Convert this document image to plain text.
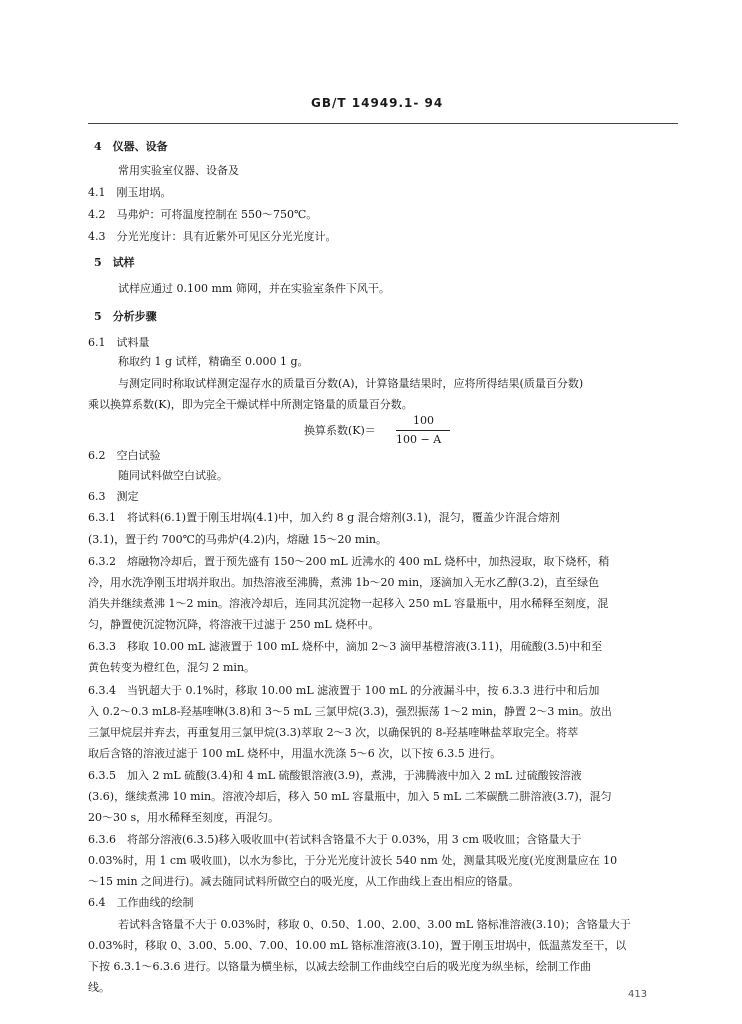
GB/T 14949.1- 94
4　仪器、设备
常用实验室仪器、设备及
4.1　刚玉坩埚。
4.2　马弗炉：可将温度控制在 550～750℃。
4.3　分光光度计：具有近紫外可见区分光光度计。
5　试样
试样应通过 0.100 mm 筛网，并在实验室条件下风干。
5　分析步骤
6.1　试料量
称取约 1 g 试样，精确至 0.000 1 g。
与测定同时称取试样测定湿存水的质量百分数(A)，计算铬量结果时，应将所得结果(质量百分数)
乘以换算系数(K)，即为完全干燥试样中所测定铬量的质量百分数。
换算系数(K)＝
100
100 − A
6.2　空白试验
随同试料做空白试验。
6.3　测定
6.3.1　将试料(6.1)置于刚玉坩埚(4.1)中，加入约 8 g 混合熔剂(3.1)，混匀，覆盖少许混合熔剂
(3.1)，置于约 700℃的马弗炉(4.2)内，熔融 15～20 min。
6.3.2　熔融物冷却后，置于预先盛有 150～200 mL 近沸水的 400 mL 烧杯中，加热浸取，取下烧杯，稍
冷，用水洗净刚玉坩埚并取出。加热溶液至沸腾，煮沸 1b～20 min，逐滴加入无水乙醇(3.2)，直至绿色
消失并继续煮沸 1～2 min。溶液冷却后，连同其沉淀物一起移入 250 mL 容量瓶中，用水稀释至刻度，混
匀，静置使沉淀物沉降，将溶液干过滤于 250 mL 烧杯中。
6.3.3　移取 10.00 mL 滤液置于 100 mL 烧杯中，滴加 2～3 滴甲基橙溶液(3.11)，用硫酸(3.5)中和至
黄色转变为橙红色，混匀 2 min。
6.3.4　当钒超大于 0.1%时，移取 10.00 mL 滤液置于 100 mL 的分液漏斗中，按 6.3.3 进行中和后加
入 0.2～0.3 mL8-羟基喹啉(3.8)和 3～5 mL 三氯甲烷(3.3)，强烈振荡 1～2 min，静置 2～3 min。放出
三氯甲烷层并弃去，再重复用三氯甲烷(3.3)萃取 2～3 次，以确保钒的 8-羟基喹啉盐萃取完全。将萃
取后含铬的溶液过滤于 100 mL 烧杯中，用温水洗涤 5～6 次，以下按 6.3.5 进行。
6.3.5　加入 2 mL 硫酸(3.4)和 4 mL 硫酸银溶液(3.9)，煮沸，于沸腾液中加入 2 mL 过硫酸铵溶液
(3.6)，继续煮沸 10 min。溶液冷却后，移入 50 mL 容量瓶中，加入 5 mL 二苯碳酰二肼溶液(3.7)，混匀
20～30 s，用水稀释至刻度，再混匀。
6.3.6　将部分溶液(6.3.5)移入吸收皿中(若试料含铬量不大于 0.03%，用 3 cm 吸收皿；含铬量大于
0.03%时，用 1 cm 吸收皿)，以水为参比，于分光光度计波长 540 nm 处，测量其吸光度(光度测量应在 10
～15 min 之间进行)。减去随同试料所做空白的吸光度，从工作曲线上查出相应的铬量。
6.4　工作曲线的绘制
若试料含铬量不大于 0.03%时，移取 0、0.50、1.00、2.00、3.00 mL 铬标准溶液(3.10)；含铬量大于
0.03%时，移取 0、3.00、5.00、7.00、10.00 mL 铬标准溶液(3.10)，置于刚玉坩埚中，低温蒸发至干，以
下按 6.3.1～6.3.6 进行。以铬量为横坐标，以减去绘制工作曲线空白后的吸光度为纵坐标，绘制工作曲
线。
413
